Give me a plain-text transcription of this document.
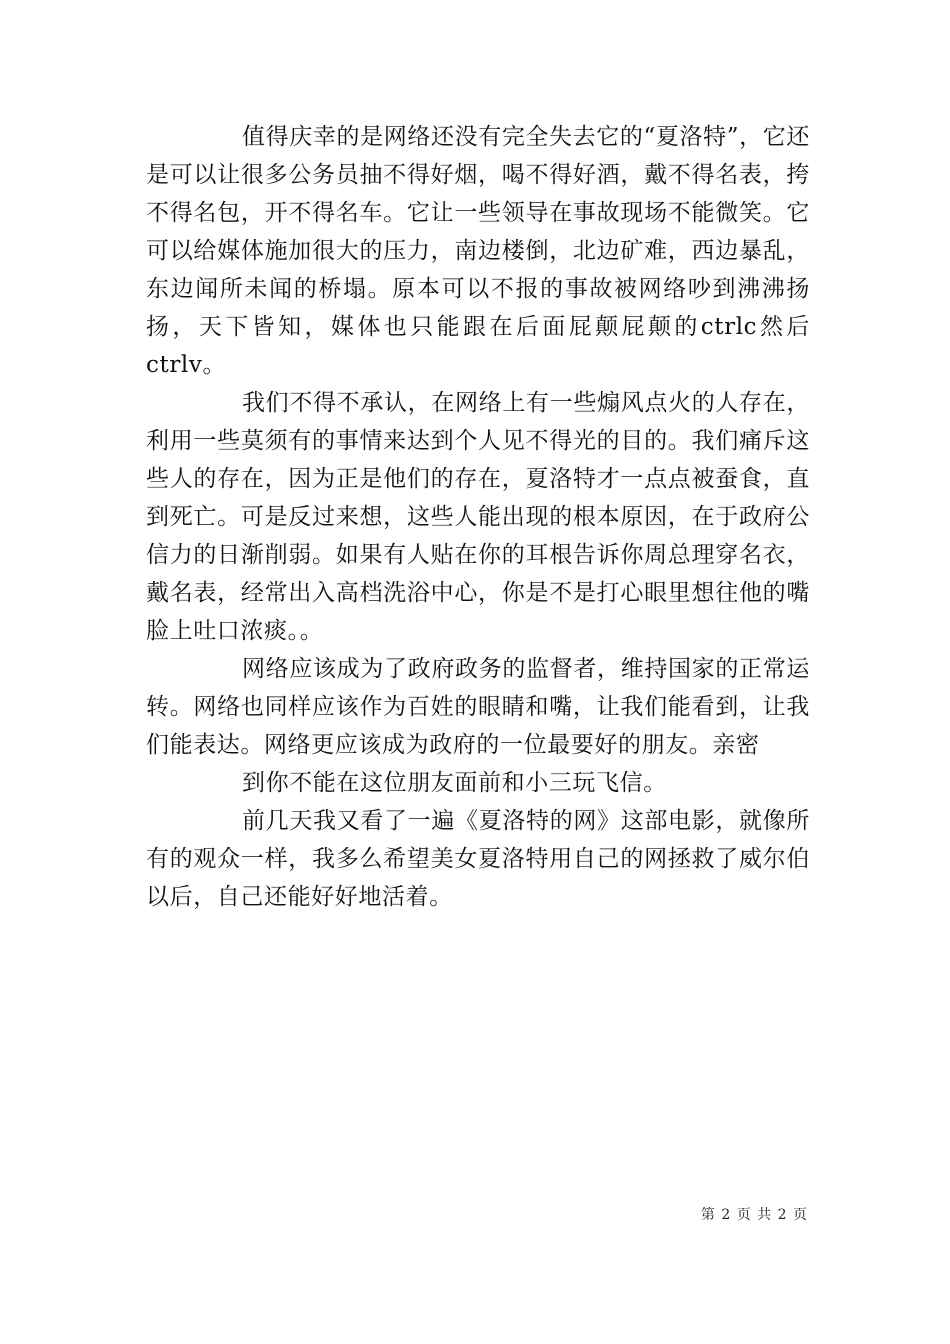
值得庆幸的是网络还没有完全失去它的“夏洛特”，它还是可以让很多公务员抽不得好烟，喝不得好酒，戴不得名表，挎不得名包，开不得名车。它让一些领导在事故现场不能微笑。它可以给媒体施加很大的压力，南边楼倒，北边矿难，西边暴乱，东边闻所未闻的桥塌。原本可以不报的事故被网络吵到沸沸扬扬，天下皆知，媒体也只能跟在后面屁颠屁颠的ctrlc然后ctrlv。

我们不得不承认，在网络上有一些煽风点火的人存在，利用一些莫须有的事情来达到个人见不得光的目的。我们痛斥这些人的存在，因为正是他们的存在，夏洛特才一点点被蚕食，直到死亡。可是反过来想，这些人能出现的根本原因，在于政府公信力的日渐削弱。如果有人贴在你的耳根告诉你周总理穿名衣，戴名表，经常出入高档洗浴中心，你是不是打心眼里想往他的嘴脸上吐口浓痰。。

网络应该成为了政府政务的监督者，维持国家的正常运转。网络也同样应该作为百姓的眼睛和嘴，让我们能看到，让我们能表达。网络更应该成为政府的一位最要好的朋友。亲密

到你不能在这位朋友面前和小三玩飞信。

前几天我又看了一遍《夏洛特的网》这部电影，就像所有的观众一样，我多么希望美女夏洛特用自己的网拯救了威尔伯以后，自己还能好好地活着。

第 2 页 共 2 页
